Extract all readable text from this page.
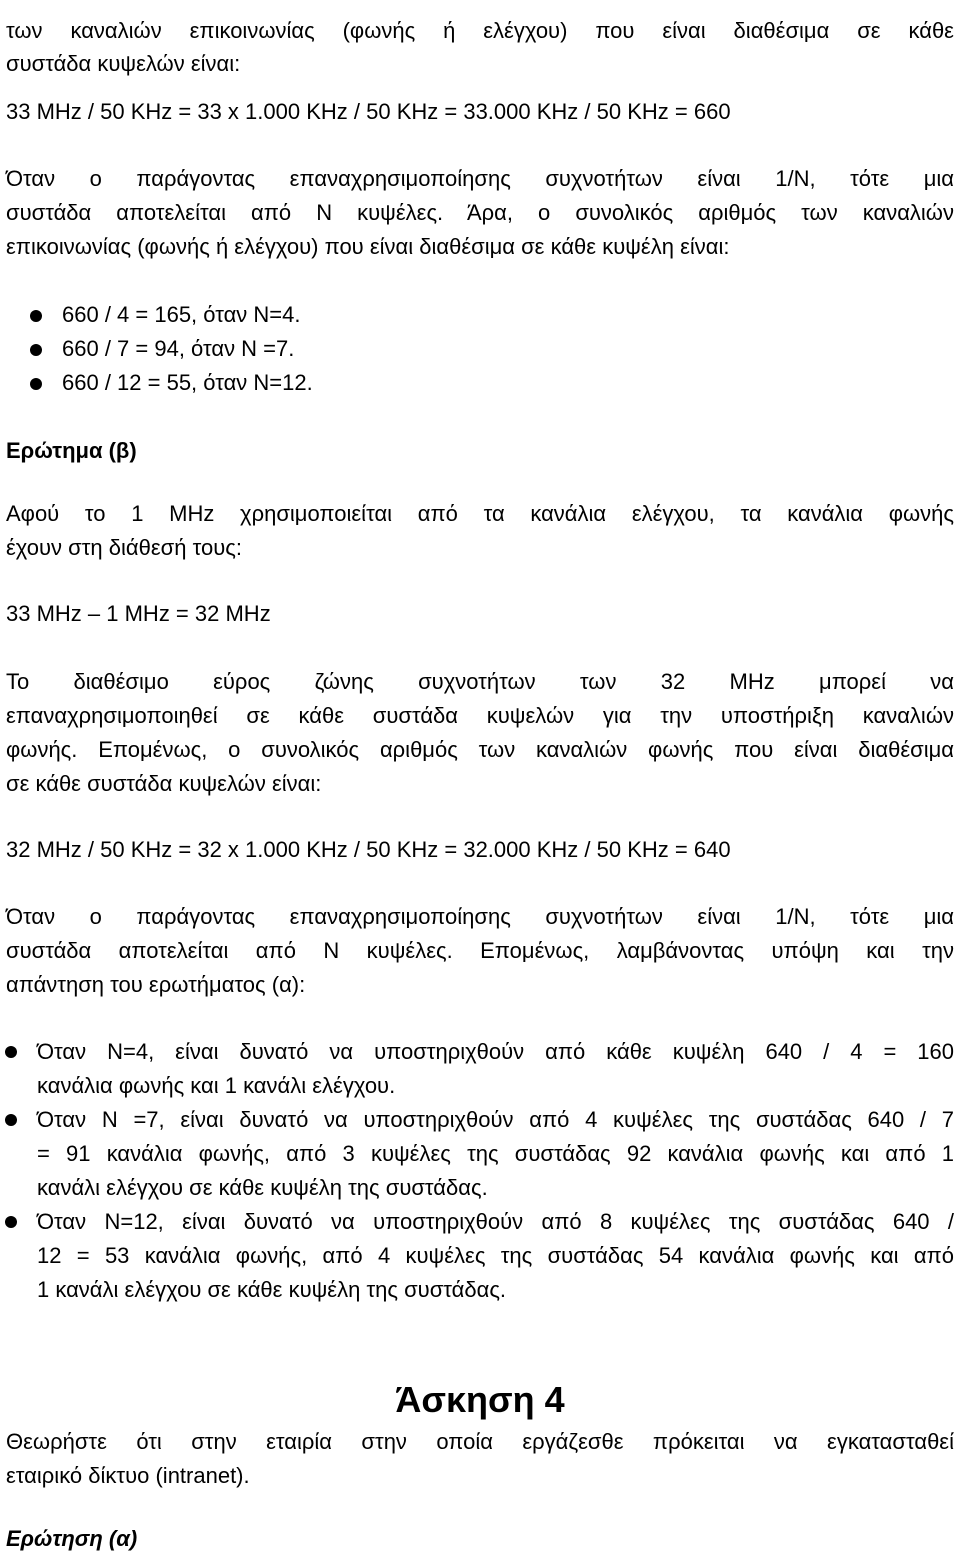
των καναλιών επικοινωνίας (φωνής ή ελέγχου) που είναι διαθέσιμα σε κάθε
συστάδα κυψελών είναι:
33 MHz / 50 KHz = 33 x 1.000 KHz / 50 KHz = 33.000 KHz / 50 KHz = 660
Όταν ο παράγοντας επαναχρησιμοποίησης συχνοτήτων είναι 1/N, τότε μια
συστάδα αποτελείται από Ν κυψέλες. Άρα, ο συνολικός αριθμός των καναλιών
επικοινωνίας (φωνής ή ελέγχου) που είναι διαθέσιμα σε κάθε κυψέλη είναι:
660 / 4 = 165, όταν N=4.
660 / 7 = 94, όταν N =7.
660 / 12 = 55, όταν N=12.
Ερώτημα (β)
Αφού το 1 MHz χρησιμοποιείται από τα κανάλια ελέγχου, τα κανάλια φωνής
έχουν στη διάθεσή τους:
33 MHz – 1 MHz = 32 MHz
Το διαθέσιμο εύρος ζώνης συχνοτήτων των 32 MHz μπορεί να
επαναχρησιμοποιηθεί σε κάθε συστάδα κυψελών για την υποστήριξη καναλιών
φωνής. Επομένως, ο συνολικός αριθμός των καναλιών φωνής που είναι διαθέσιμα
σε κάθε συστάδα κυψελών είναι:
32 MHz / 50 KHz = 32 x 1.000 KHz / 50 KHz = 32.000 KHz / 50 KHz = 640
Όταν ο παράγοντας επαναχρησιμοποίησης συχνοτήτων είναι 1/N, τότε μια
συστάδα αποτελείται από Ν κυψέλες. Επομένως, λαμβάνοντας υπόψη και την
απάντηση του ερωτήματος (α):
Όταν N=4, είναι δυνατό να υποστηριχθούν από κάθε κυψέλη 640 / 4 = 160
κανάλια φωνής και 1 κανάλι ελέγχου.
Όταν N =7, είναι δυνατό να υποστηριχθούν από 4 κυψέλες της συστάδας 640 / 7
= 91 κανάλια φωνής, από 3 κυψέλες της συστάδας 92 κανάλια φωνής και από 1
κανάλι ελέγχου σε κάθε κυψέλη της συστάδας.
Όταν N=12, είναι δυνατό να υποστηριχθούν από 8 κυψέλες της συστάδας 640 /
12 = 53 κανάλια φωνής, από 4 κυψέλες της συστάδας 54 κανάλια φωνής και από
1 κανάλι ελέγχου σε κάθε κυψέλη της συστάδας.
Άσκηση 4
Θεωρήστε ότι στην εταιρία στην οποία εργάζεσθε πρόκειται να εγκατασταθεί
εταιρικό δίκτυο (intranet).
Ερώτηση (α)
